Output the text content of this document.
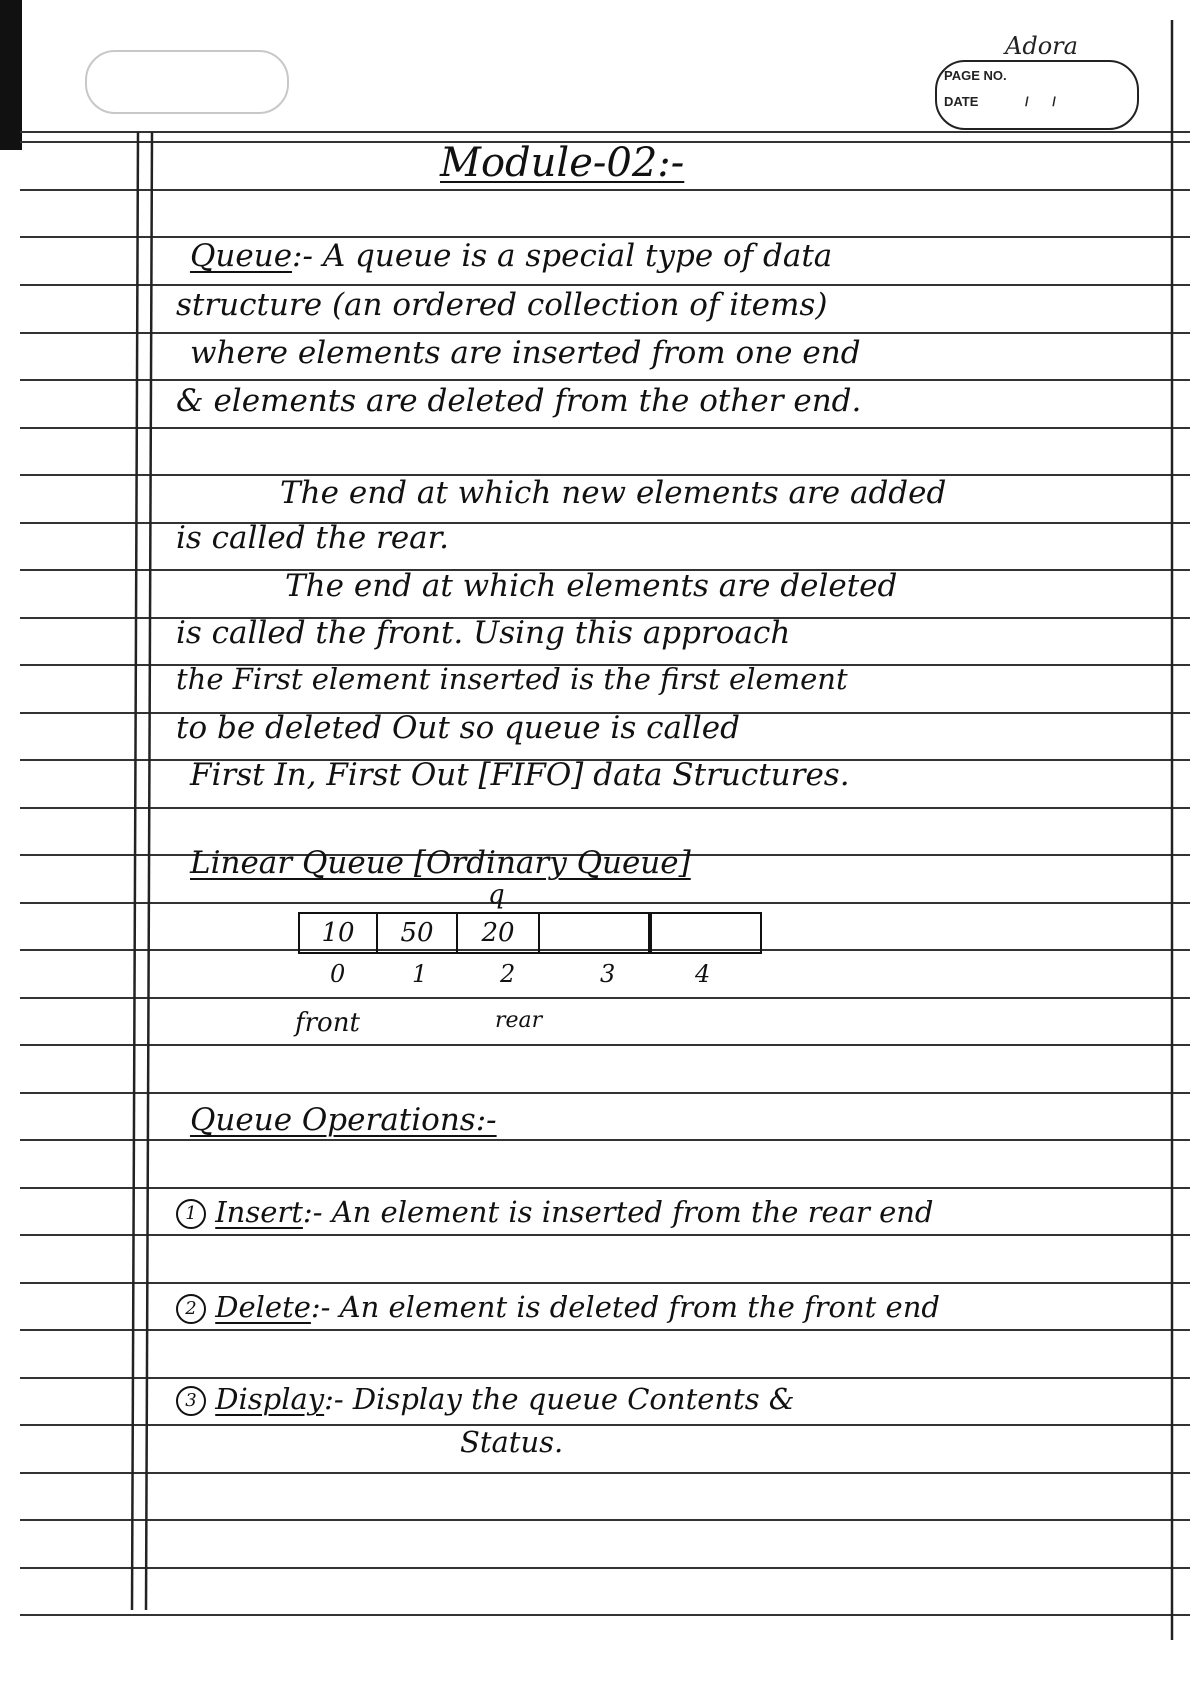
Adora
PAGE NO.
DATE	/ /
Module-02:-
Queue:- A queue is a special type of data
structure (an ordered collection of items)
where elements are inserted from one end
& elements are deleted from the other end.
The end at which new elements are added
is called the rear.
The end at which elements are deleted
is called the front. Using this approach
the First element inserted is the first element
to be deleted Out so queue is called
First In, First Out [FIFO] data Structures.
Linear Queue [Ordinary Queue]
q
10	50	20
0	1	2	3	4
front	rear
Queue Operations:-
1 Insert:- An element is inserted from the rear end
2 Delete:- An element is deleted from the front end
3 Display:- Display the queue Contents &
Status.
